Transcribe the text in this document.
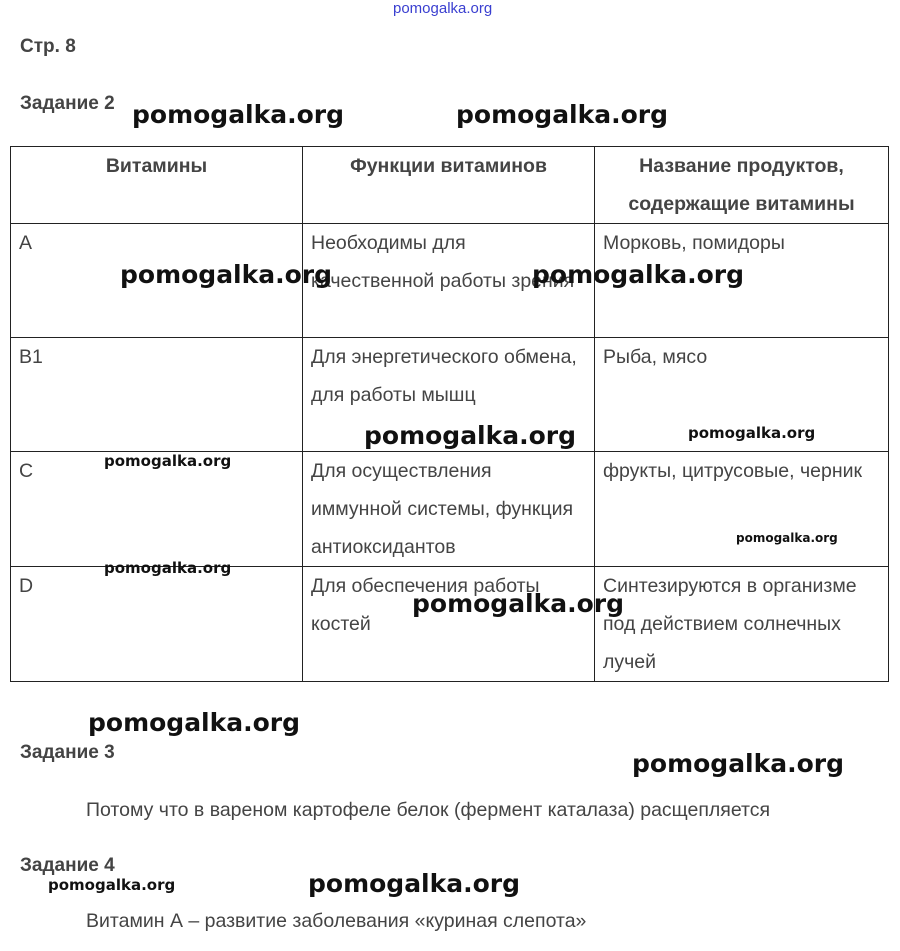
pomogalka.org
Стр. 8
Задание 2
Витамины	Функции витаминов	Название продуктов, содержащие витамины
A	Необходимы для качественной работы зрения	Морковь, помидоры
B1	Для энергетического обмена, для работы мышц	Рыба, мясо
C	Для осуществления иммунной системы, функция антиоксидантов	фрукты, цитрусовые, черник
D	Для обеспечения работы костей	Синтезируются в организме под действием солнечных лучей
Задание 3
Потому что в вареном картофеле белок (фермент каталаза) расщепляется
Задание 4
Витамин А – развитие заболевания «куриная слепота»
pomogalka.org	pomogalka.org
pomogalka.org	pomogalka.org
pomogalka.org	pomogalka.org
pomogalka.org
pomogalka.org
pomogalka.org
pomogalka.org
pomogalka.org
pomogalka.org
pomogalka.org	pomogalka.org
